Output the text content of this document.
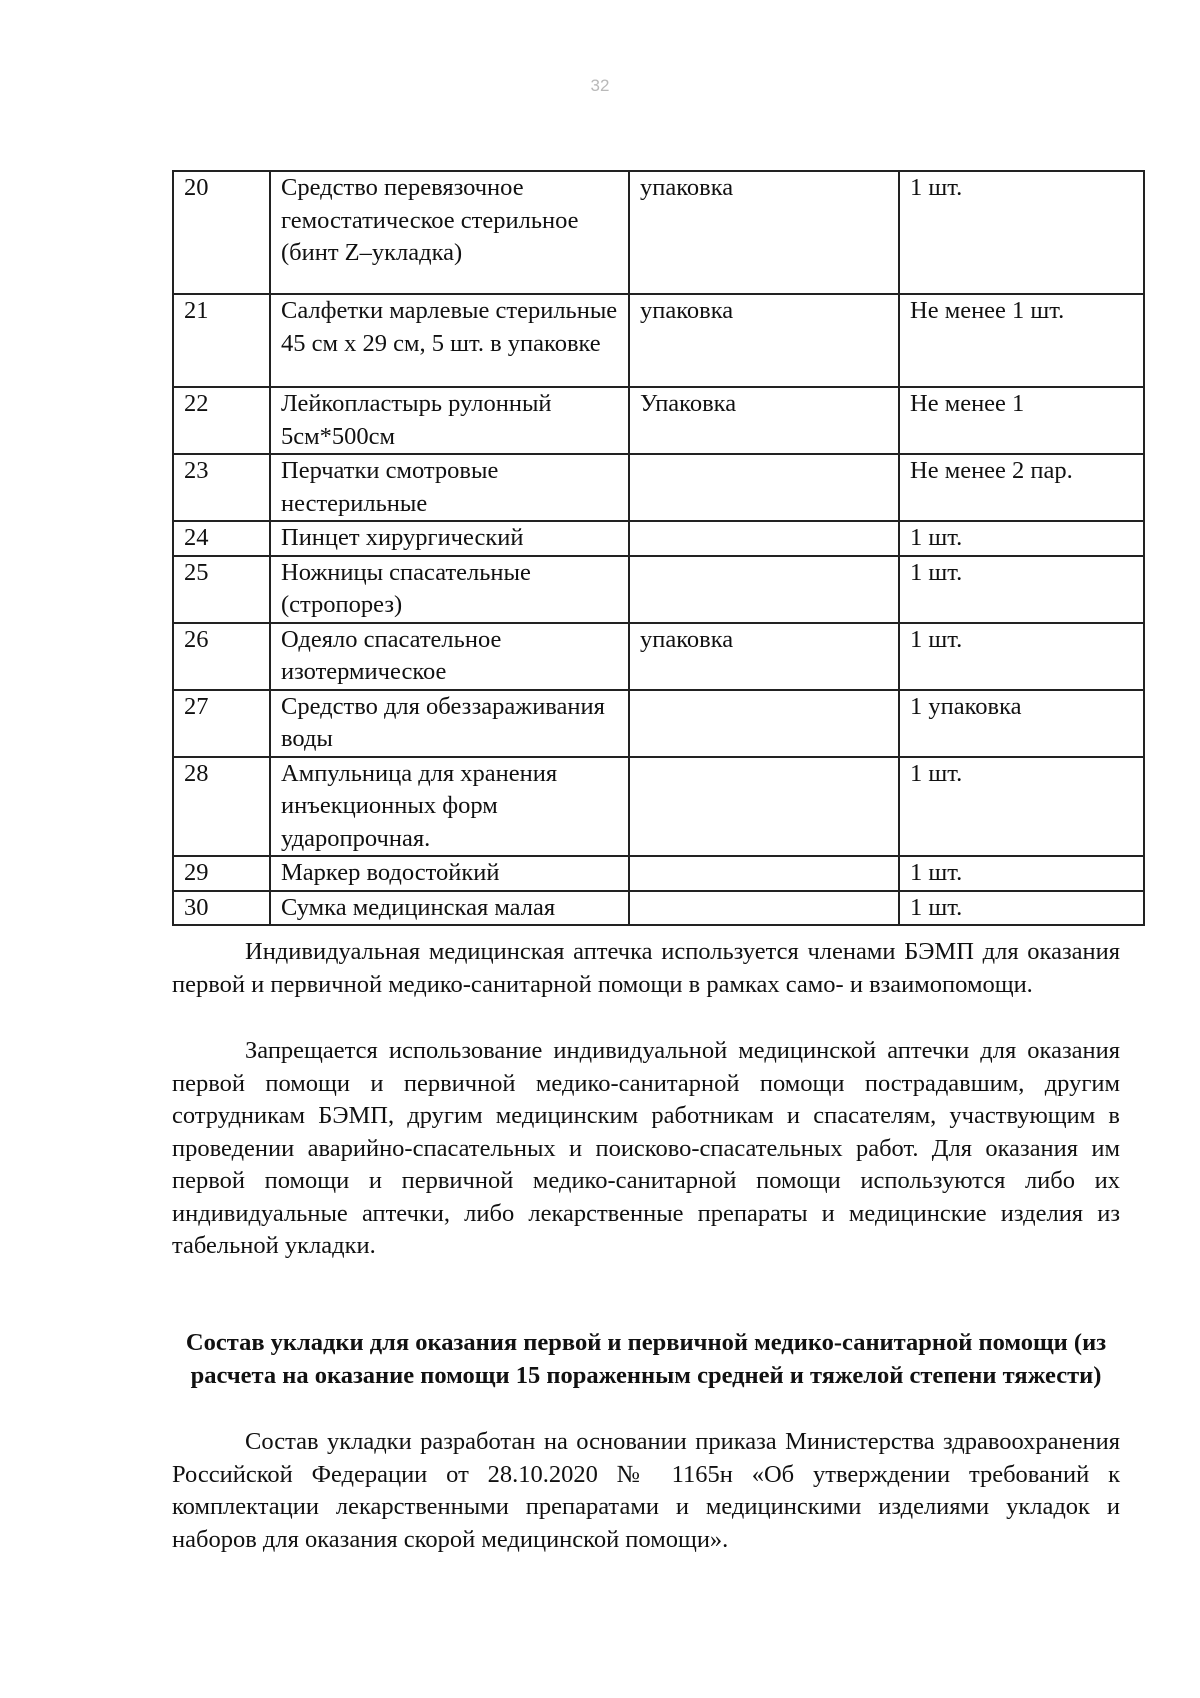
32
20	Средство перевязочное гемостатическое стерильное (бинт Z–укладка)	упаковка	1 шт.
21	Салфетки марлевые стерильные 45 см х 29 см, 5 шт. в упаковке	упаковка	Не менее 1 шт.
22	Лейкопластырь рулонный 5см*500см	Упаковка	Не менее 1
23	Перчатки смотровые нестерильные		Не менее 2 пар.
24	Пинцет хирургический		1 шт.
25	Ножницы спасательные (стропорез)		1 шт.
26	Одеяло спасательное изотермическое	упаковка	1 шт.
27	Средство для обеззараживания воды		1 упаковка
28	Ампульница для хранения инъекционных форм ударопрочная.		1 шт.
29	Маркер водостойкий		1 шт.
30	Сумка медицинская малая		1 шт.

Индивидуальная медицинская аптечка используется членами БЭМП для оказания первой и первичной медико-санитарной помощи в рамках само- и взаимопомощи.

Запрещается использование индивидуальной медицинской аптечки для оказания первой помощи и первичной медико-санитарной помощи пострадавшим, другим сотрудникам БЭМП, другим медицинским работникам и спасателям, участвующим в проведении аварийно-спасательных и поисково-спасательных работ. Для оказания им первой помощи и первичной медико-санитарной помощи используются либо их индивидуальные аптечки, либо лекарственные препараты и медицинские изделия из табельной укладки.

Состав укладки для оказания первой и первичной медико-санитарной помощи (из расчета на оказание помощи 15 пораженным средней и тяжелой степени тяжести)

Состав укладки разработан на основании приказа Министерства здравоохранения Российской Федерации от 28.10.2020 № 1165н «Об утверждении требований к комплектации лекарственными препаратами и медицинскими изделиями укладок и наборов для оказания скорой медицинской помощи».
